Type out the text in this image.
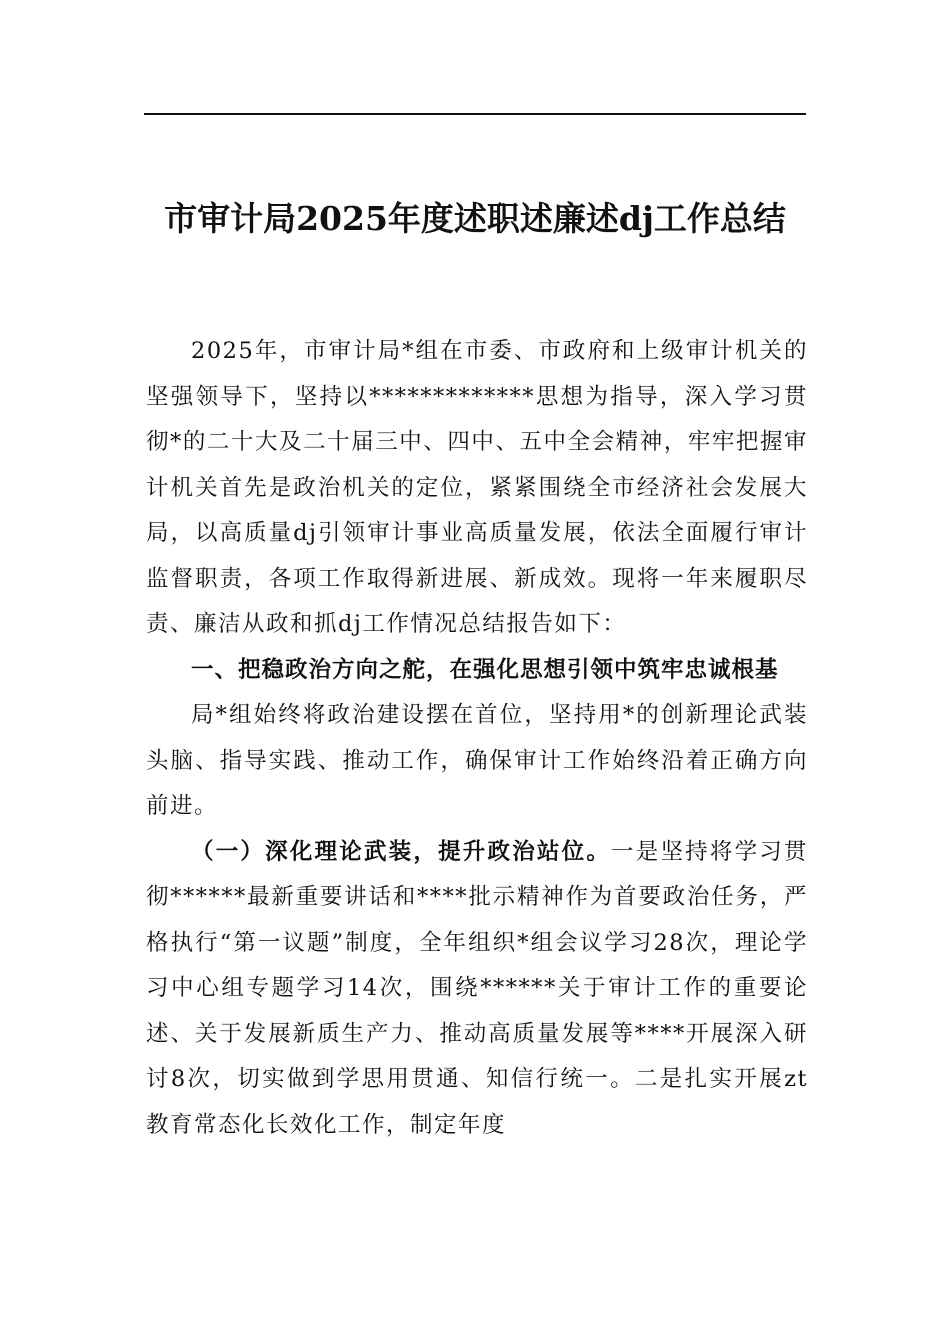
市审计局2025年度述职述廉述dj工作总结

2025年，市审计局*组在市委、市政府和上级审计机关的坚强领导下，坚持以*************思想为指导，深入学习贯彻*的二十大及二十届三中、四中、五中全会精神，牢牢把握审计机关首先是政治机关的定位，紧紧围绕全市经济社会发展大局，以高质量dj引领审计事业高质量发展，依法全面履行审计监督职责，各项工作取得新进展、新成效。现将一年来履职尽责、廉洁从政和抓dj工作情况总结报告如下：

一、把稳政治方向之舵，在强化思想引领中筑牢忠诚根基

局*组始终将政治建设摆在首位，坚持用*的创新理论武装头脑、指导实践、推动工作，确保审计工作始终沿着正确方向前进。

（一）深化理论武装，提升政治站位。一是坚持将学习贯彻******最新重要讲话和****批示精神作为首要政治任务，严格执行“第一议题”制度，全年组织*组会议学习28次，理论学习中心组专题学习14次，围绕******关于审计工作的重要论述、关于发展新质生产力、推动高质量发展等****开展深入研讨8次，切实做到学思用贯通、知信行统一。二是扎实开展zt教育常态化长效化工作，制定年度
